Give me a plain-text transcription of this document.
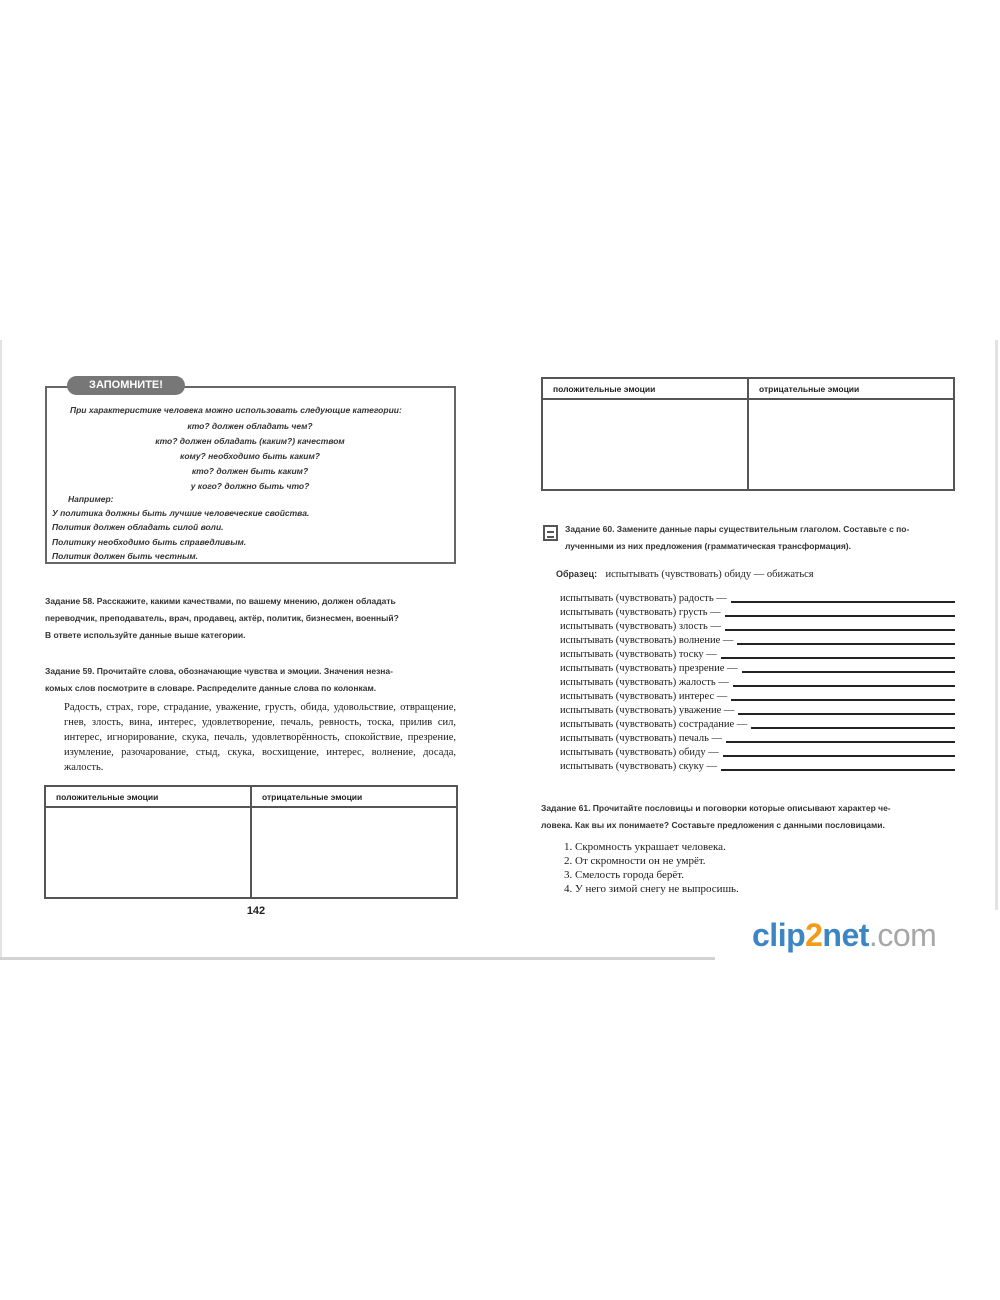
ЗАПОМНИТЕ!
При характеристике человека можно использовать следующие категории:
кто? должен обладать чем?
кто? должен обладать (каким?) качеством
кому? необходимо быть каким?
кто? должен быть каким?
у кого? должно быть что?
Например:
У политика должны быть лучшие человеческие свойства.
Политик должен обладать силой воли.
Политику необходимо быть справедливым.
Политик должен быть честным.
Задание 58. Расскажите, какими качествами, по вашему мнению, должен обладать
переводчик, преподаватель, врач, продавец, актёр, политик, бизнесмен, военный?
В ответе используйте данные выше категории.
Задание 59. Прочитайте слова, обозначающие чувства и эмоции. Значения незна-
комых слов посмотрите в словаре. Распределите данные слова по колонкам.
Радость, страх, горе, страдание, уважение, грусть, обида, удовольствие, отвращение, гнев, злость, вина, интерес, удовлетворение, печаль, ревность, тоска, прилив сил, интерес, игнорирование, скука, печаль, удовлетворённость, спокойствие, презрение, изумление, разочарование, стыд, скука, восхищение, интерес, волнение, досада, жалость.
положительные эмоции	отрицательные эмоции

142
положительные эмоции	отрицательные эмоции

Задание 60. Замените данные пары существительным глаголом. Составьте с по-
лученными из них предложения (грамматическая трансформация).
Образец: испытывать (чувствовать) обиду — обижаться
испытывать (чувствовать) радость —
испытывать (чувствовать) грусть —
испытывать (чувствовать) злость —
испытывать (чувствовать) волнение —
испытывать (чувствовать) тоску —
испытывать (чувствовать) презрение —
испытывать (чувствовать) жалость —
испытывать (чувствовать) интерес —
испытывать (чувствовать) уважение —
испытывать (чувствовать) сострадание —
испытывать (чувствовать) печаль —
испытывать (чувствовать) обиду —
испытывать (чувствовать) скуку —
Задание 61. Прочитайте пословицы и поговорки которые описывают характер че-
ловека. Как вы их понимаете? Составьте предложения с данными пословицами.
1. Скромность украшает человека.
2. От скромности он не умрёт.
3. Смелость города берёт.
4. У него зимой снегу не выпросишь.
clip2net.com
